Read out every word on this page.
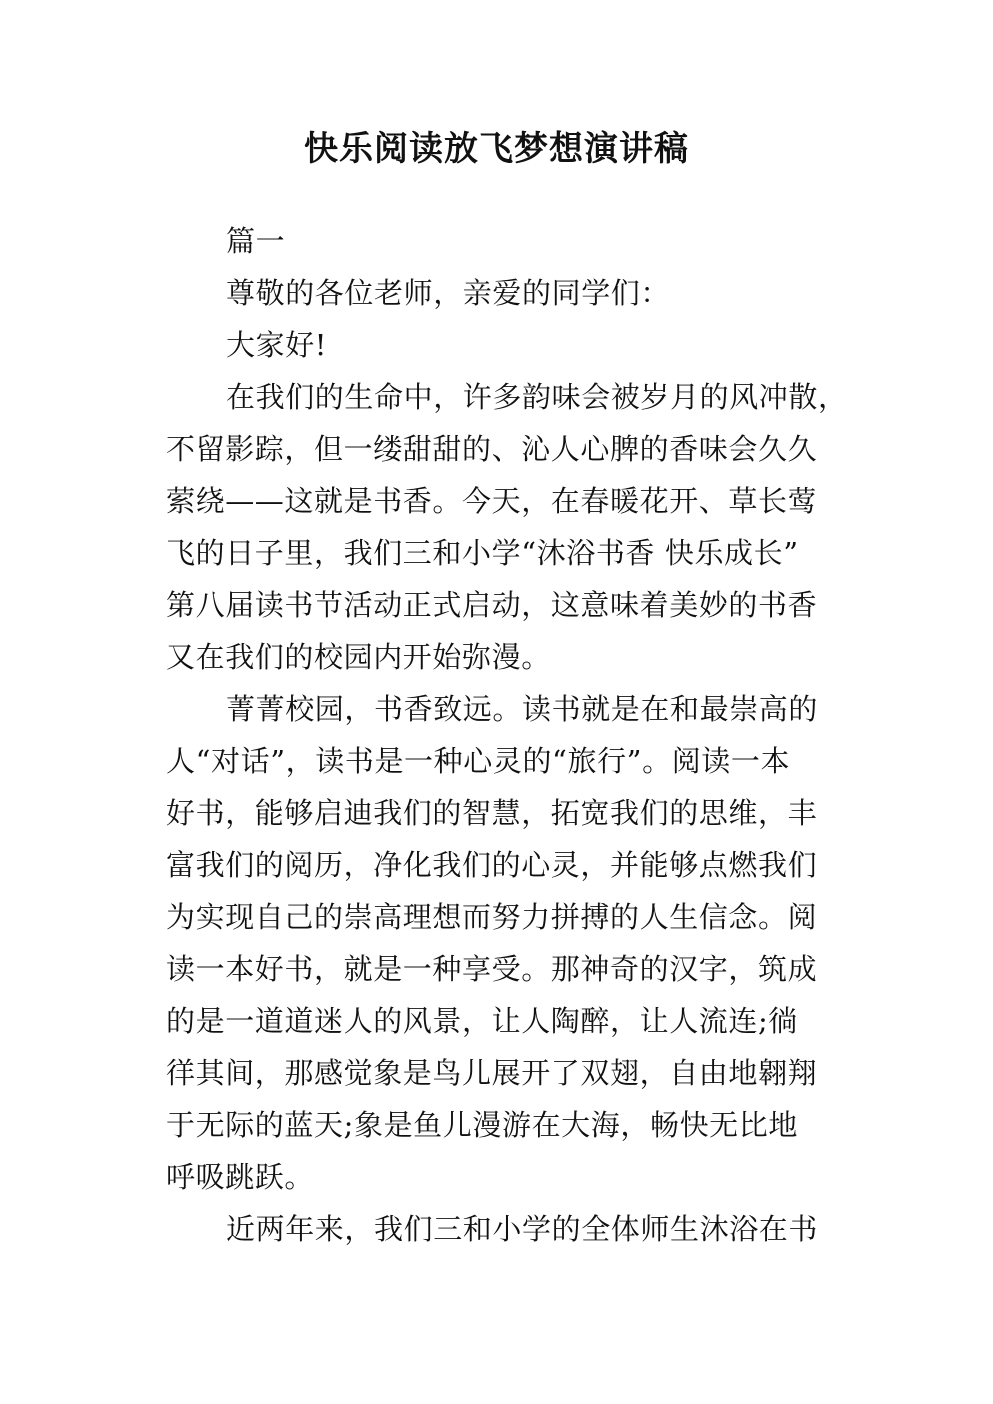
快乐阅读放飞梦想演讲稿
篇一
尊敬的各位老师，亲爱的同学们：
大家好!
在我们的生命中，许多韵味会被岁月的风冲散，
不留影踪，但一缕甜甜的、沁人心脾的香味会久久
萦绕——这就是书香。今天，在春暖花开、草长莺
飞的日子里，我们三和小学“沐浴书香 快乐成长”
第八届读书节活动正式启动，这意味着美妙的书香
又在我们的校园内开始弥漫。
菁菁校园，书香致远。读书就是在和最崇高的
人“对话”，读书是一种心灵的“旅行”。阅读一本
好书，能够启迪我们的智慧，拓宽我们的思维，丰
富我们的阅历，净化我们的心灵，并能够点燃我们
为实现自己的崇高理想而努力拼搏的人生信念。阅
读一本好书，就是一种享受。那神奇的汉字，筑成
的是一道道迷人的风景，让人陶醉，让人流连;徜
徉其间，那感觉象是鸟儿展开了双翅，自由地翱翔
于无际的蓝天;象是鱼儿漫游在大海，畅快无比地
呼吸跳跃。
近两年来，我们三和小学的全体师生沐浴在书
